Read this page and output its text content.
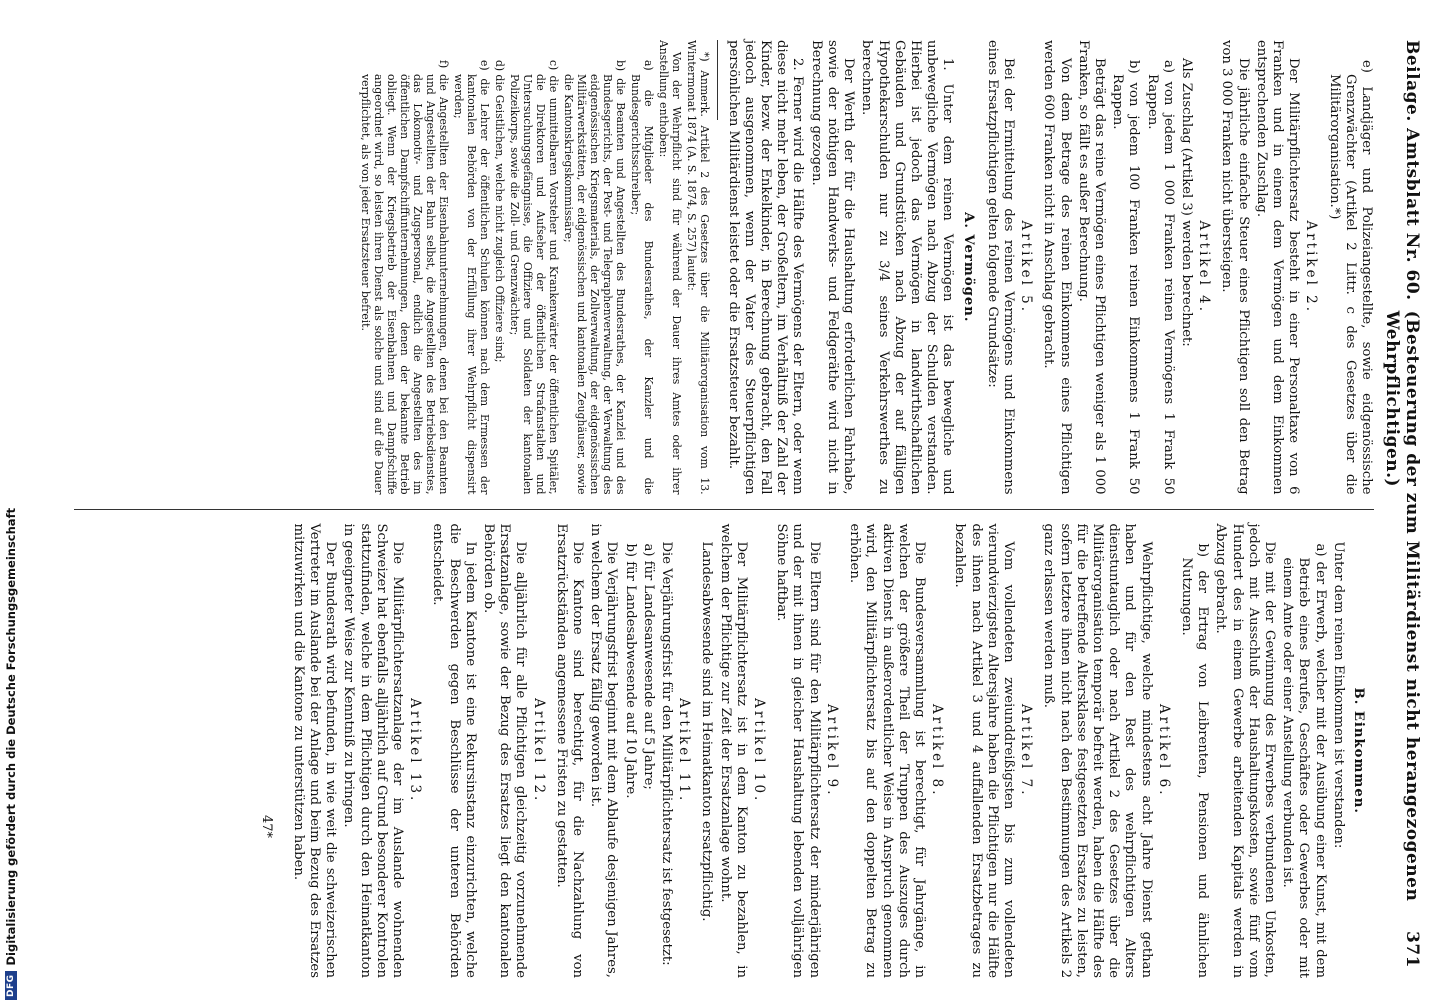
Beilage. Amtsblatt Nr. 60.
(Besteuerung der zum Militärdienst nicht herangezogenen Wehrpflichtigen.)
371

e) Landjäger und Polizeiangestellte, sowie eidgenössische Grenzwächter (Artikel 2 Littr. c des Gesetzes über die Militärorganisation.*)

Artikel 2.

Der Militärpflichtersatz besteht in einer Personaltaxe von 6 Franken und in einem dem Vermögen und dem Einkommen entsprechenden Zuschlag.

Die jährliche einfache Steuer eines Pflichtigen soll den Betrag von 3 000 Franken nicht übersteigen.

Artikel 4.

Als Zuschlag (Artikel 3) werden berechnet:

a) von jedem 1 000 Franken reinen Vermögens 1 Frank 50 Rappen.

b) von jedem 100 Franken reinen Einkommens 1 Frank 50 Rappen.

Beträgt das reine Vermögen eines Pflichtigen weniger als 1 000 Franken, so fällt es außer Berechnung.

Von dem Betrage des reinen Einkommens eines Pflichtigen werden 600 Franken nicht in Anschlag gebracht.

Artikel 5.

Bei der Ermittelung des reinen Vermögens und Einkommens eines Ersatzpflichtigen gelten folgende Grundsätze:

A. Vermögen.

1. Unter dem reinen Vermögen ist das bewegliche und unbewegliche Vermögen nach Abzug der Schulden verstanden. Hierbei ist jedoch das Vermögen in landwirthschaftlichen Gebäuden und Grundstücken nach Abzug der auf fälligen Hypothekarschulden nur zu 3/4 seines Verkehrswerthes zu berechnen.

Der Werth der für die Haushaltung erforderlichen Fahrhabe, sowie der nöthigen Handwerks- und Feldgeräthe wird nicht in Berechnung gezogen.

2. Ferner wird die Hälfte des Vermögens der Eltern, oder wenn diese nicht mehr leben, der Großeltern, im Verhältniß der Zahl der Kinder, bezw. der Enkelkinder, in Berechnung gebracht, den Fall jedoch ausgenommen, wenn der Vater des Steuerpflichtigen persönlichen Militärdienst leistet oder die Ersatzsteuer bezahlt.

*) Anmerk. Artikel 2 des Gesetzes über die Militärorganisation vom 13. Wintermonat 1874 (A. S. 1874, S. 257) lautet:

Von der Wehrpflicht sind für während der Dauer ihres Amtes oder ihrer Anstellung enthoben:

a) die Mitglieder des Bundesrathes, der Kanzler und die Bundesgerichtsschreiber;

b) die Beamten und Angestellten des Bundesrathes, der Kanzlei und des Bundesgerichts, der Post- und Telegraphenverwaltung, der Verwaltung des eidgenössischen Kriegsmaterials, der Zollverwaltung, der eidgenössischen Militärwerkstätten, der eidgenössischen und kantonalen Zeughäuser, sowie die Kantonskriegskommissäre;

c) die unmittelbaren Vorsteher und Krankenwärter der öffentlichen Spitäler, die Direktoren und Aufseher der öffentlichen Strafanstalten und Untersuchungsgefängnisse, die Offiziere und Soldaten der kantonalen Polizeikorps, sowie die Zoll- und Grenzwächter;

d) die Geistlichen, welche nicht zugleich Offiziere sind;

e) die Lehrer der öffentlichen Schulen können nach dem Ermessen der kantonalen Behörden von der Erfüllung ihrer Wehrpflicht dispensirt werden;

f) die Angestellten der Eisenbahnunternehmungen, denen bei den Beamten und Angestellten der Bahn selbst, die Angestellten des Betriebsdienstes, das Lokomotiv- und Zugspersonal, endlich die Angestellten des im öffentlichen Dampfschiffunternehmungen, denen der bekannte Betrieb obliegt. Wenn der Kriegsbetrieb der Eisenbahnen und Dampfschiffe angeordnet wird, so leisten ihren Dienst als solche und sind auf die Dauer verpflichtet, als von jeder Ersatzsteuer befreit.

B. Einkommen.

Unter dem reinen Einkommen ist verstanden:

a) der Erwerb, welcher mit der Ausübung einer Kunst, mit dem Betrieb eines Berufes, Geschäftes oder Gewerbes oder mit einem Amte oder einer Anstellung verbunden ist.

Die mit der Gewinnung des Erwerbes verbundenen Unkosten, jedoch mit Ausschluß der Haushaltungskosten, sowie fünf vom Hundert des in einem Gewerbe arbeitenden Kapitals werden in Abzug gebracht.

b) der Ertrag von Leibrenten, Pensionen und ähnlichen Nutzungen.

Artikel 6.

Wehrpflichtige, welche mindestens acht Jahre Dienst gethan haben und für den Rest des wehrpflichtigen Alters dienstuntauglich oder nach Artikel 2 des Gesetzes über die Militärorganisation temporär befreit werden, haben die Hälfte des für die betreffende Altersklasse festgesetzten Ersatzes zu leisten, sofern letztere ihnen nicht nach den Bestimmungen des Artikels 2 ganz erlassen werden muß.

Artikel 7.

Vom vollendeten zweiunddreißigsten bis zum vollendeten vierundvierzigsten Altersjahre haben die Pflichtigen nur die Hälfte des ihnen nach Artikel 3 und 4 auffallenden Ersatzbetrages zu bezahlen.

Artikel 8.

Die Bundesversammlung ist berechtigt, für Jahrgänge, in welchen der größere Theil der Truppen des Auszuges durch aktiven Dienst in außerordentlicher Weise in Anspruch genommen wird, den Militärpflichtersatz bis auf den doppelten Betrag zu erhöhen.

Artikel 9.

Die Eltern sind für den Militärpflichtersatz der minderjährigen und der mit ihnen in gleicher Haushaltung lebenden volljährigen Söhne haftbar.

Artikel 10.

Der Militärpflichtersatz ist in dem Kanton zu bezahlen, in welchem der Pflichtige zur Zeit der Ersatzanlage wohnt.

Landesabwesende sind im Heimatkanton ersatzpflichtig.

Artikel 11.

Die Verjährungsfrist für den Militärpflichtersatz ist festgesetzt:

a) für Landesanwesende auf 5 Jahre;

b) für Landesabwesende auf 10 Jahre.

Die Verjährungsfrist beginnt mit dem Ablaufe desjenigen Jahres, in welchem der Ersatz fällig geworden ist.

Die Kantone sind berechtigt, für die Nachzahlung von Ersatzrückständen angemessene Fristen zu gestatten.

Artikel 12.

Die alljährlich für alle Pflichtigen gleichzeitig vorzunehmende Ersatzanlage, sowie der Bezug des Ersatzes liegt den kantonalen Behörden ob.

In jedem Kantone ist eine Rekursinstanz einzurichten, welche die Beschwerden gegen Beschlüsse der unteren Behörden entscheidet.

Artikel 13.

Die Militärpflichtersatzanlage der im Auslande wohnenden Schweizer hat ebenfalls alljährlich auf Grund besonderer Kontrolen stattzufinden, welche in dem Pflichtigen durch den Heimatkanton in geeigneter Weise zur Kenntniß zu bringen.

Der Bundesrath wird befunden, in wie weit die schweizerischen Vertreter im Auslande bei der Anlage und beim Bezug des Ersatzes mitzuwirken und die Kantone zu unterstützen haben.

47*
DFG
Digitalisierung gefördert durch die Deutsche Forschungsgemeinschaft
